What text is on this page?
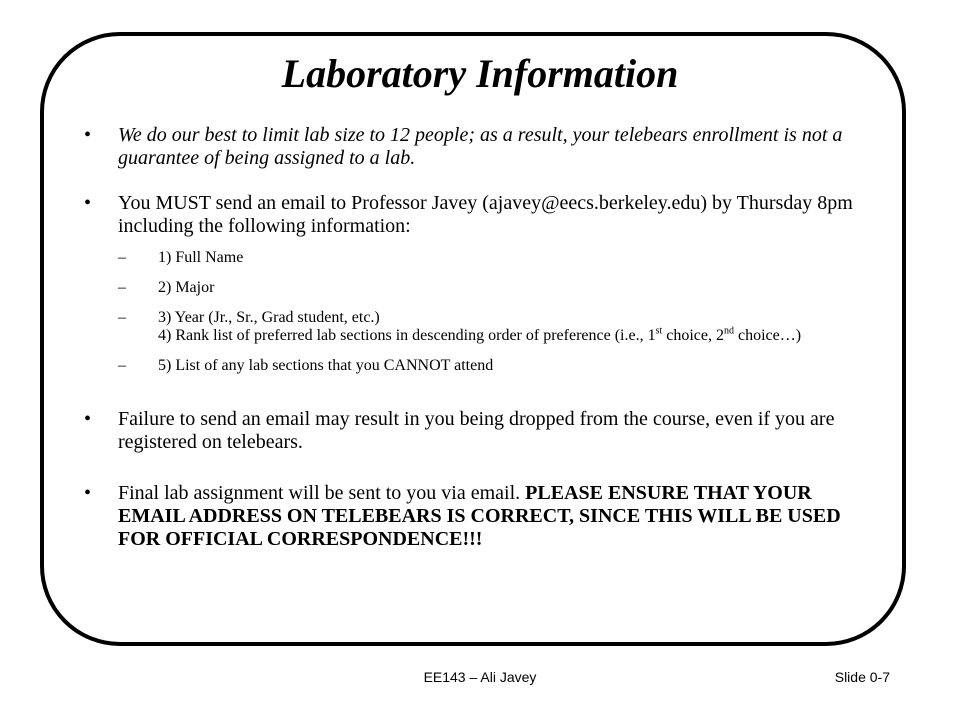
Laboratory Information
• We do our best to limit lab size to 12 people; as a result, your telebears enrollment is not a guarantee of being assigned to a lab.
• You MUST send an email to Professor Javey (ajavey@eecs.berkeley.edu) by Thursday 8pm including the following information:
– 1) Full Name
– 2) Major
– 3) Year (Jr., Sr., Grad student, etc.)
4) Rank list of preferred lab sections in descending order of preference (i.e., 1st choice, 2nd choice…)
– 5) List of any lab sections that you CANNOT attend
• Failure to send an email may result in you being dropped from the course, even if you are registered on telebears.
• Final lab assignment will be sent to you via email. PLEASE ENSURE THAT YOUR EMAIL ADDRESS ON TELEBEARS IS CORRECT, SINCE THIS WILL BE USED FOR OFFICIAL CORRESPONDENCE!!!
EE143 – Ali Javey	Slide 0-7
